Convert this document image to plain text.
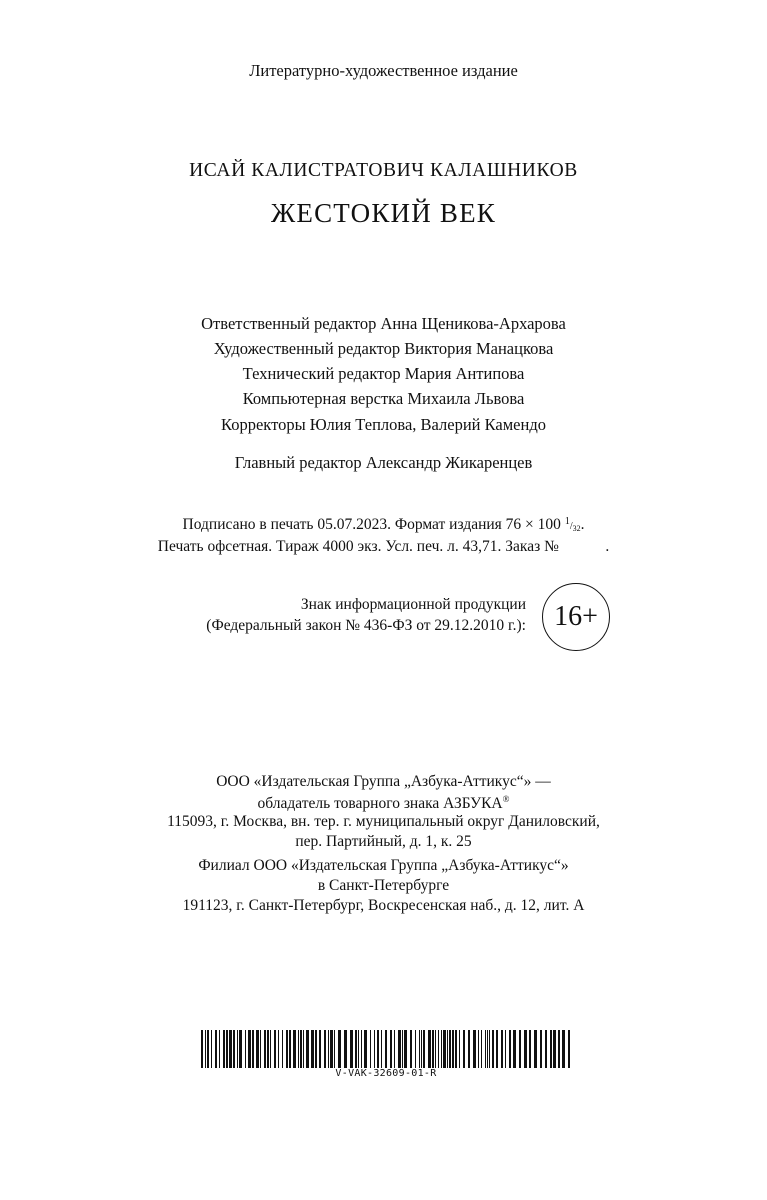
Литературно-художественное издание
ИСАЙ КАЛИСТРАТОВИЧ КАЛАШНИКОВ
ЖЕСТОКИЙ ВЕК
Ответственный редактор Анна Щеникова-Архарова
Художественный редактор Виктория Манацкова
Технический редактор Мария Антипова
Компьютерная верстка Михаила Львова
Корректоры Юлия Теплова, Валерий Камендо
Главный редактор Александр Жикаренцев
Подписано в печать 05.07.2023. Формат издания 76 × 100 $^1/_{32}$.
Печать офсетная. Тираж 4000 экз. Усл. печ. л. 43,71. Заказ №            .
Знак информационной продукции
(Федеральный закон № 436-ФЗ от 29.12.2010 г.): 16+
ООО «Издательская Группа „Азбука-Аттикус“» —
обладатель товарного знака АЗБУКА®
115093, г. Москва, вн. тер. г. муниципальный округ Даниловский,
пер. Партийный, д. 1, к. 25
Филиал ООО «Издательская Группа „Азбука-Аттикус“»
в Санкт-Петербурге
191123, г. Санкт-Петербург, Воскресенская наб., д. 12, лит. А
V-VAK-32609-01-R
